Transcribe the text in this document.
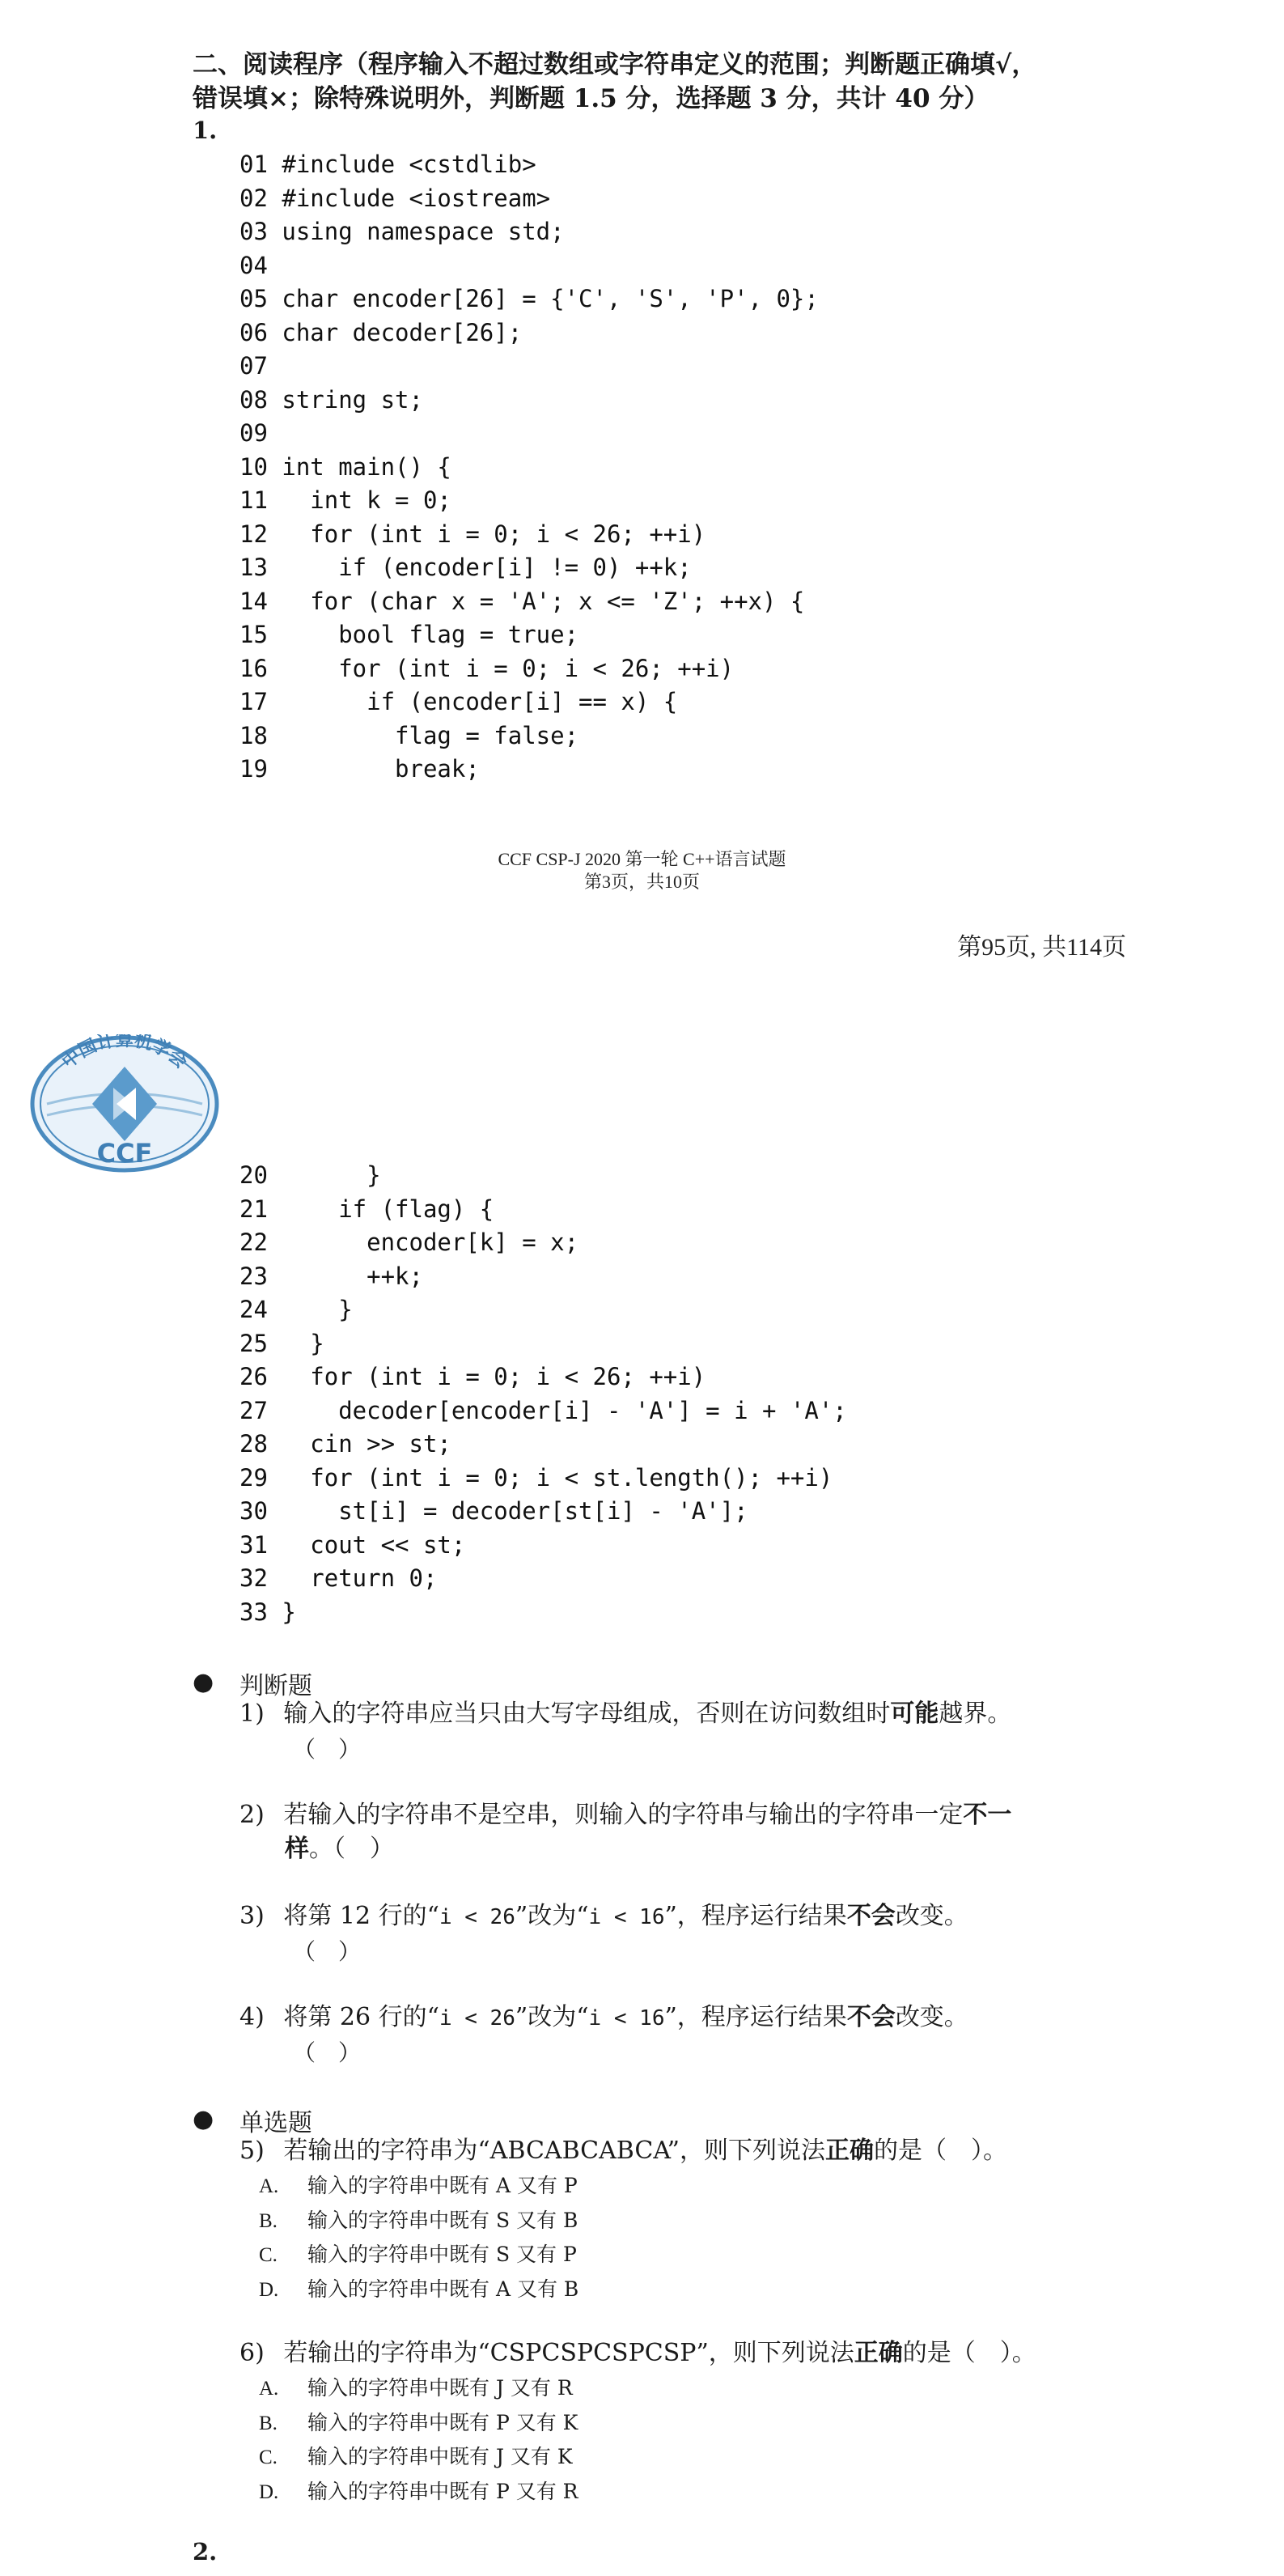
二、阅读程序（程序输入不超过数组或字符串定义的范围；判断题正确填√，
错误填×；除特殊说明外，判断题 1.5 分，选择题 3 分，共计 40 分）
1.
01 #include <cstdlib>
02 #include <iostream>
03 using namespace std;
04
05 char encoder[26] = {'C', 'S', 'P', 0};
06 char decoder[26];
07
08 string st;
09
10 int main() {
11   int k = 0;
12   for (int i = 0; i < 26; ++i)
13     if (encoder[i] != 0) ++k;
14   for (char x = 'A'; x <= 'Z'; ++x) {
15     bool flag = true;
16     for (int i = 0; i < 26; ++i)
17       if (encoder[i] == x) {
18         flag = false;
19         break;
CCF CSP-J 2020 第一轮 C++语言试题
第3页，共10页
第95页, 共114页
中国计算机学会
CCF
20       }
21     if (flag) {
22       encoder[k] = x;
23       ++k;
24     }
25   }
26   for (int i = 0; i < 26; ++i)
27     decoder[encoder[i] - 'A'] = i + 'A';
28   cin >> st;
29   for (int i = 0; i < st.length(); ++i)
30     st[i] = decoder[st[i] - 'A'];
31   cout << st;
32   return 0;
33 }
● 判断题
1) 输入的字符串应当只由大写字母组成，否则在访问数组时可能越界。
（　）
2) 若输入的字符串不是空串，则输入的字符串与输出的字符串一定不一
样。（　）
3) 将第 12 行的“i < 26”改为“i < 16”，程序运行结果不会改变。
（　）
4) 将第 26 行的“i < 26”改为“i < 16”，程序运行结果不会改变。
（　）
● 单选题
5) 若输出的字符串为“ABCABCABCA”，则下列说法正确的是（　）。
A. 输入的字符串中既有 A 又有 P
B. 输入的字符串中既有 S 又有 B
C. 输入的字符串中既有 S 又有 P
D. 输入的字符串中既有 A 又有 B
6) 若输出的字符串为“CSPCSPCSPCSP”，则下列说法正确的是（　）。
A. 输入的字符串中既有 J 又有 R
B. 输入的字符串中既有 P 又有 K
C. 输入的字符串中既有 J 又有 K
D. 输入的字符串中既有 P 又有 R
2.
